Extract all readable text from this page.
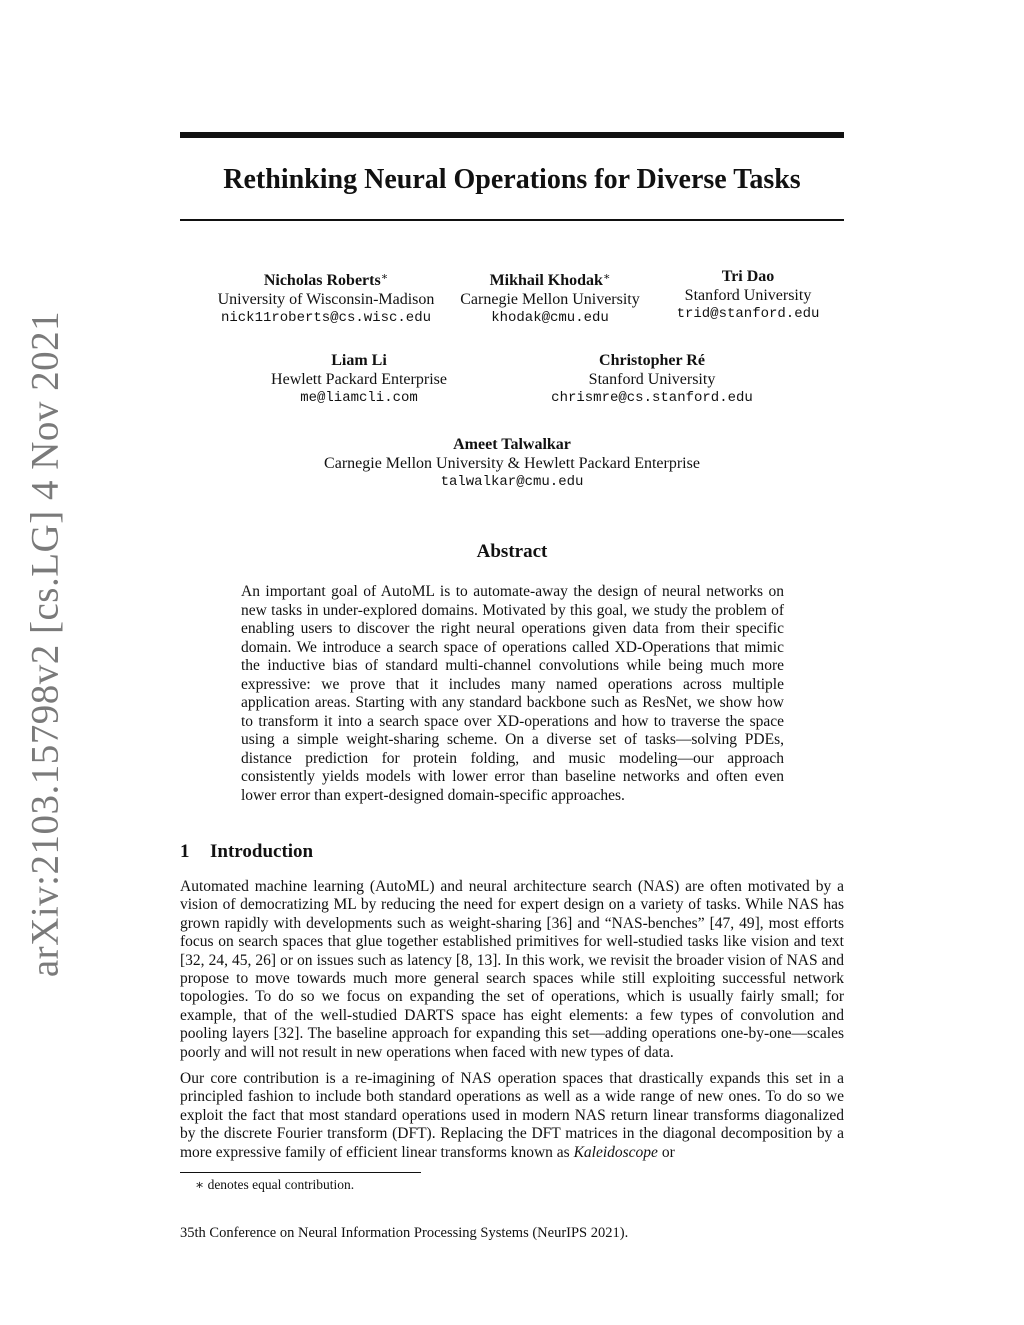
arXiv:2103.15798v2 [cs.LG] 4 Nov 2021
Rethinking Neural Operations for Diverse Tasks
Nicholas Roberts∗
University of Wisconsin-Madison
nick11roberts@cs.wisc.edu
Mikhail Khodak∗
Carnegie Mellon University
khodak@cmu.edu
Tri Dao
Stanford University
trid@stanford.edu
Liam Li
Hewlett Packard Enterprise
me@liamcli.com
Christopher Ré
Stanford University
chrismre@cs.stanford.edu
Ameet Talwalkar
Carnegie Mellon University & Hewlett Packard Enterprise
talwalkar@cmu.edu
Abstract
An important goal of AutoML is to automate-away the design of neural networks on new tasks in under-explored domains. Motivated by this goal, we study the problem of enabling users to discover the right neural operations given data from their specific domain. We introduce a search space of operations called XD-Operations that mimic the inductive bias of standard multi-channel convolutions while being much more expressive: we prove that it includes many named operations across multiple application areas. Starting with any standard backbone such as ResNet, we show how to transform it into a search space over XD-operations and how to traverse the space using a simple weight-sharing scheme. On a diverse set of tasks—solving PDEs, distance prediction for protein folding, and music modeling—our approach consistently yields models with lower error than baseline networks and often even lower error than expert-designed domain-specific approaches.
1 Introduction
Automated machine learning (AutoML) and neural architecture search (NAS) are often motivated by a vision of democratizing ML by reducing the need for expert design on a variety of tasks. While NAS has grown rapidly with developments such as weight-sharing [36] and “NAS-benches” [47, 49], most efforts focus on search spaces that glue together established primitives for well-studied tasks like vision and text [32, 24, 45, 26] or on issues such as latency [8, 13]. In this work, we revisit the broader vision of NAS and propose to move towards much more general search spaces while still exploiting successful network topologies. To do so we focus on expanding the set of operations, which is usually fairly small; for example, that of the well-studied DARTS space has eight elements: a few types of convolution and pooling layers [32]. The baseline approach for expanding this set—adding operations one-by-one—scales poorly and will not result in new operations when faced with new types of data.
Our core contribution is a re-imagining of NAS operation spaces that drastically expands this set in a principled fashion to include both standard operations as well as a wide range of new ones. To do so we exploit the fact that most standard operations used in modern NAS return linear transforms diagonalized by the discrete Fourier transform (DFT). Replacing the DFT matrices in the diagonal decomposition by a more expressive family of efficient linear transforms known as Kaleidoscope or
∗ denotes equal contribution.
35th Conference on Neural Information Processing Systems (NeurIPS 2021).
